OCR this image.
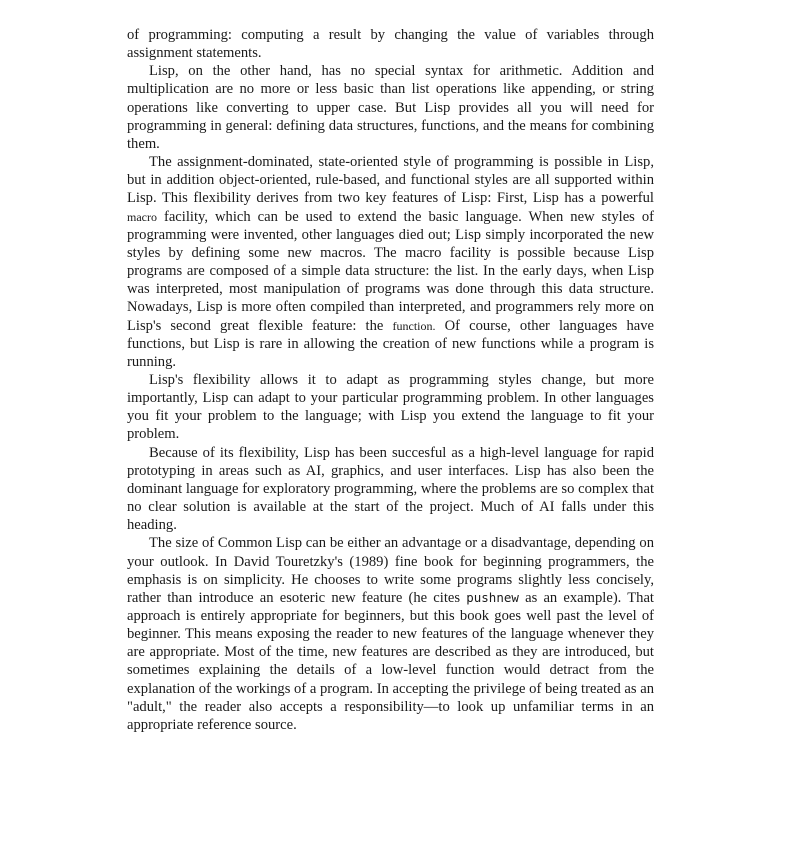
of programming: computing a result by changing the value of variables through assignment statements.

Lisp, on the other hand, has no special syntax for arithmetic. Addition and multiplication are no more or less basic than list operations like appending, or string operations like converting to upper case. But Lisp provides all you will need for programming in general: defining data structures, functions, and the means for combining them.

The assignment-dominated, state-oriented style of programming is possible in Lisp, but in addition object-oriented, rule-based, and functional styles are all supported within Lisp. This flexibility derives from two key features of Lisp: First, Lisp has a powerful macro facility, which can be used to extend the basic language. When new styles of programming were invented, other languages died out; Lisp simply incorporated the new styles by defining some new macros. The macro facility is possible because Lisp programs are composed of a simple data structure: the list. In the early days, when Lisp was interpreted, most manipulation of programs was done through this data structure. Nowadays, Lisp is more often compiled than interpreted, and programmers rely more on Lisp's second great flexible feature: the function. Of course, other languages have functions, but Lisp is rare in allowing the creation of new functions while a program is running.

Lisp's flexibility allows it to adapt as programming styles change, but more importantly, Lisp can adapt to your particular programming problem. In other languages you fit your problem to the language; with Lisp you extend the language to fit your problem.

Because of its flexibility, Lisp has been succesful as a high-level language for rapid prototyping in areas such as AI, graphics, and user interfaces. Lisp has also been the dominant language for exploratory programming, where the problems are so complex that no clear solution is available at the start of the project. Much of AI falls under this heading.

The size of Common Lisp can be either an advantage or a disadvantage, depending on your outlook. In David Touretzky's (1989) fine book for beginning programmers, the emphasis is on simplicity. He chooses to write some programs slightly less concisely, rather than introduce an esoteric new feature (he cites pushnew as an example). That approach is entirely appropriate for beginners, but this book goes well past the level of beginner. This means exposing the reader to new features of the language whenever they are appropriate. Most of the time, new features are described as they are introduced, but sometimes explaining the details of a low-level function would detract from the explanation of the workings of a program. In accepting the privilege of being treated as an "adult," the reader also accepts a responsibility—to look up unfamiliar terms in an appropriate reference source.
